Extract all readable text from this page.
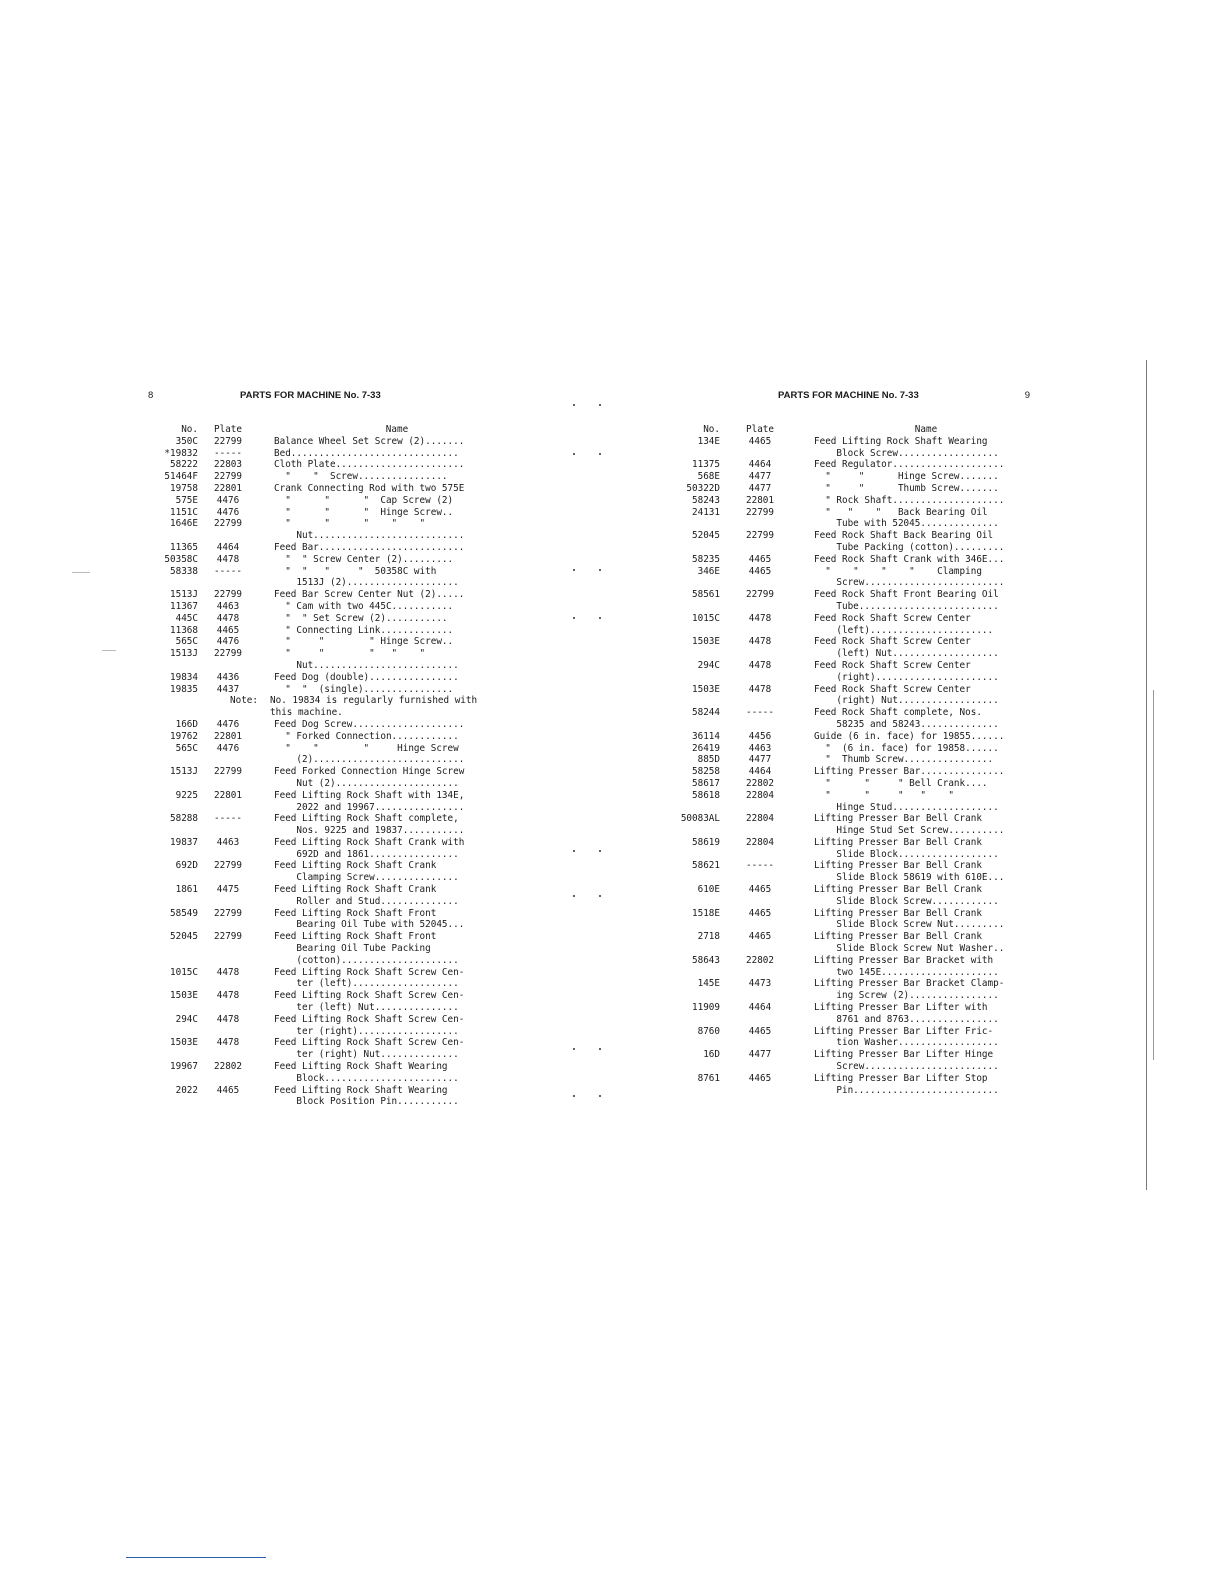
8	PARTS FOR MACHINE No. 7-33
No.	Plate	Name
350C	22799	Balance Wheel Set Screw (2).......
*19832	-----	Bed..............................
58222	22803	Cloth Plate.......................
51464F	22799	"    "  Screw................
19758	22801	Crank Connecting Rod with two 575E
575E	4476	"      "      "  Cap Screw (2)
1151C	4476	"      "      "  Hinge Screw..
1646E	22799	"      "      "    "    "
Nut...........................
11365	4464	Feed Bar..........................
50358C	4478	"  " Screw Center (2).........
58338	-----	"  "   "     "  50358C with
1513J (2)....................
1513J	22799	Feed Bar Screw Center Nut (2).....
11367	4463	" Cam with two 445C...........
445C	4478	"  " Set Screw (2)...........
11368	4465	" Connecting Link.............
565C	4476	"     "        " Hinge Screw..
1513J	22799	"     "        "   "    "
Nut..........................
19834	4436	Feed Dog (double)................
19835	4437	"  "  (single)................
Note:	No. 19834 is regularly furnished with
this machine.
166D	4476	Feed Dog Screw....................
19762	22801	" Forked Connection............
565C	4476	"    "        "     Hinge Screw
(2)...........................
1513J	22799	Feed Forked Connection Hinge Screw
Nut (2)......................
9225	22801	Feed Lifting Rock Shaft with 134E,
2022 and 19967................
58288	-----	Feed Lifting Rock Shaft complete,
Nos. 9225 and 19837...........
19837	4463	Feed Lifting Rock Shaft Crank with
692D and 1861................
692D	22799	Feed Lifting Rock Shaft Crank
Clamping Screw...............
1861	4475	Feed Lifting Rock Shaft Crank
Roller and Stud..............
58549	22799	Feed Lifting Rock Shaft Front
Bearing Oil Tube with 52045...
52045	22799	Feed Lifting Rock Shaft Front
Bearing Oil Tube Packing
(cotton).....................
1015C	4478	Feed Lifting Rock Shaft Screw Cen-
ter (left)...................
1503E	4478	Feed Lifting Rock Shaft Screw Cen-
ter (left) Nut...............
294C	4478	Feed Lifting Rock Shaft Screw Cen-
ter (right)..................
1503E	4478	Feed Lifting Rock Shaft Screw Cen-
ter (right) Nut..............
19967	22802	Feed Lifting Rock Shaft Wearing
Block........................
2022	4465	Feed Lifting Rock Shaft Wearing
Block Position Pin...........
PARTS FOR MACHINE No. 7-33	9
No.	Plate	Name
134E	4465	Feed Lifting Rock Shaft Wearing
Block Screw..................
11375	4464	Feed Regulator....................
568E	4477	"     "      Hinge Screw.......
50322D	4477	"     "      Thumb Screw.......
58243	22801	" Rock Shaft....................
24131	22799	"   "    "   Back Bearing Oil
Tube with 52045..............
52045	22799	Feed Rock Shaft Back Bearing Oil
Tube Packing (cotton).........
58235	4465	Feed Rock Shaft Crank with 346E...
346E	4465	"    "    "    "    Clamping
Screw.........................
58561	22799	Feed Rock Shaft Front Bearing Oil
Tube.........................
1015C	4478	Feed Rock Shaft Screw Center
(left)......................
1503E	4478	Feed Rock Shaft Screw Center
(left) Nut...................
294C	4478	Feed Rock Shaft Screw Center
(right)......................
1503E	4478	Feed Rock Shaft Screw Center
(right) Nut..................
58244	-----	Feed Rock Shaft complete, Nos.
58235 and 58243..............
36114	4456	Guide (6 in. face) for 19855......
26419	4463	"  (6 in. face) for 19858......
885D	4477	"  Thumb Screw................
58258	4464	Lifting Presser Bar...............
58617	22802	"      "     " Bell Crank....
58618	22804	"      "     "   "    "
Hinge Stud...................
50083AL	22804	Lifting Presser Bar Bell Crank
Hinge Stud Set Screw..........
58619	22804	Lifting Presser Bar Bell Crank
Slide Block..................
58621	-----	Lifting Presser Bar Bell Crank
Slide Block 58619 with 610E...
610E	4465	Lifting Presser Bar Bell Crank
Slide Block Screw............
1518E	4465	Lifting Presser Bar Bell Crank
Slide Block Screw Nut.........
2718	4465	Lifting Presser Bar Bell Crank
Slide Block Screw Nut Washer..
58643	22802	Lifting Presser Bar Bracket with
two 145E.....................
145E	4473	Lifting Presser Bar Bracket Clamp-
ing Screw (2)................
11909	4464	Lifting Presser Bar Lifter with
8761 and 8763................
8760	4465	Lifting Presser Bar Lifter Fric-
tion Washer..................
16D	4477	Lifting Presser Bar Lifter Hinge
Screw........................
8761	4465	Lifting Presser Bar Lifter Stop
Pin..........................
